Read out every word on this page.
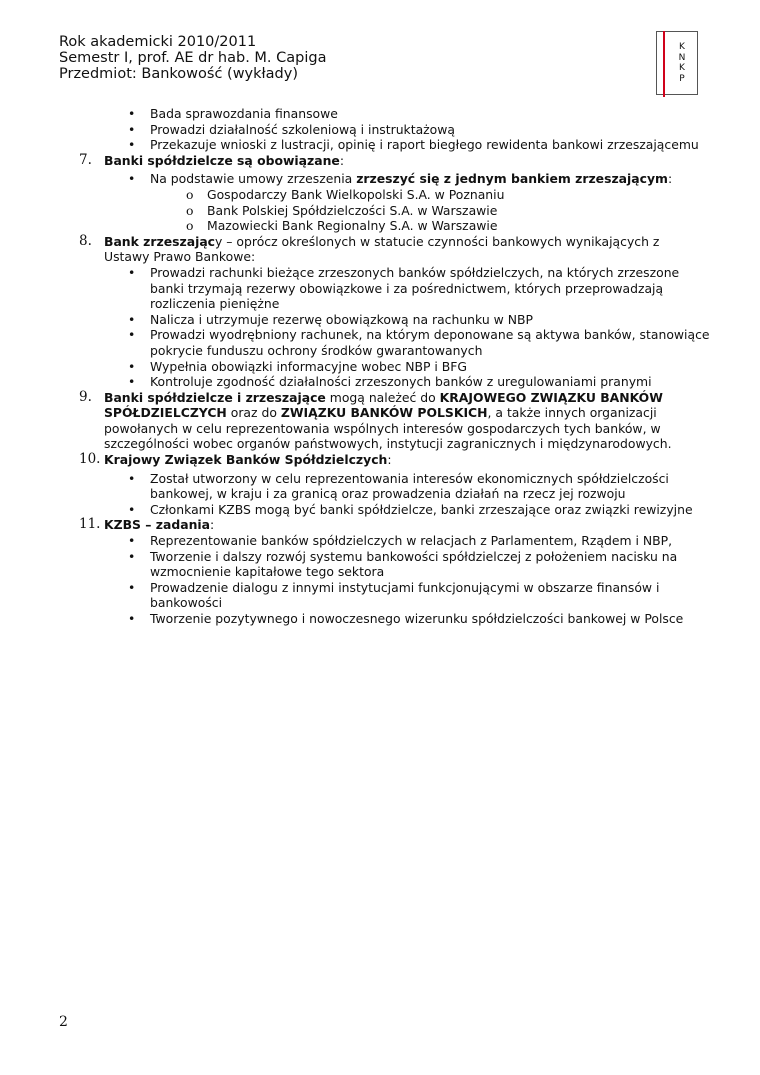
Rok akademicki 2010/2011
Semestr I, prof. AE dr hab. M. Capiga
Przedmiot: Bankowość (wykłady)
K
N
K
P
• Bada sprawozdania finansowe
• Prowadzi działalność szkoleniową i instruktażową
• Przekazuje wnioski z lustracji, opinię i raport biegłego rewidenta bankowi zrzeszającemu
7. Banki spółdzielcze są obowiązane:
• Na podstawie umowy zrzeszenia zrzeszyć się z jednym bankiem zrzeszającym:
o Gospodarczy Bank Wielkopolski S.A. w Poznaniu
o Bank Polskiej Spółdzielczości S.A. w Warszawie
o Mazowiecki Bank Regionalny S.A. w Warszawie
8. Bank zrzeszający – oprócz określonych w statucie czynności bankowych wynikających z Ustawy Prawo Bankowe:
• Prowadzi rachunki bieżące zrzeszonych banków spółdzielczych, na których zrzeszone banki trzymają rezerwy obowiązkowe i za pośrednictwem, których przeprowadzają rozliczenia pieniężne
• Nalicza i utrzymuje rezerwę obowiązkową na rachunku w NBP
• Prowadzi wyodrębniony rachunek, na którym deponowane są aktywa banków, stanowiące pokrycie funduszu ochrony środków gwarantowanych
• Wypełnia obowiązki informacyjne wobec NBP i BFG
• Kontroluje zgodność działalności zrzeszonych banków z uregulowaniami pranymi
9. Banki spółdzielcze i zrzeszające mogą należeć do KRAJOWEGO ZWIĄZKU BANKÓW SPÓŁDZIELCZYCH oraz do ZWIĄZKU BANKÓW POLSKICH, a także innych organizacji powołanych w celu reprezentowania wspólnych interesów gospodarczych tych banków, w szczególności wobec organów państwowych, instytucji zagranicznych i międzynarodowych.
10. Krajowy Związek Banków Spółdzielczych:
• Został utworzony w celu reprezentowania interesów ekonomicznych spółdzielczości bankowej, w kraju i za granicą oraz prowadzenia działań na rzecz jej rozwoju
• Członkami KZBS mogą być banki spółdzielcze, banki zrzeszające oraz związki rewizyjne
11. KZBS – zadania:
• Reprezentowanie banków spółdzielczych w relacjach z Parlamentem, Rządem i NBP,
• Tworzenie i dalszy rozwój systemu bankowości spółdzielczej z położeniem nacisku na wzmocnienie kapitałowe tego sektora
• Prowadzenie dialogu z innymi instytucjami funkcjonującymi w obszarze finansów i bankowości
• Tworzenie pozytywnego i nowoczesnego wizerunku spółdzielczości bankowej w Polsce
2
